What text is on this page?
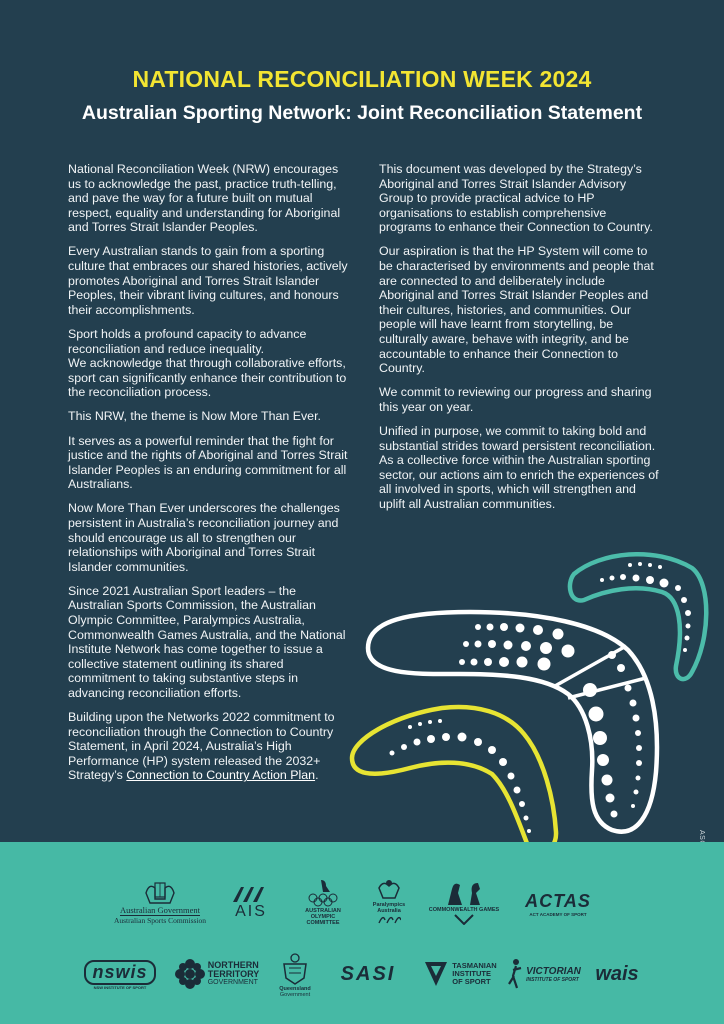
NATIONAL RECONCILIATION WEEK 2024
Australian Sporting Network: Joint Reconciliation Statement

National Reconciliation Week (NRW) encourages us to acknowledge the past, practice truth-telling, and pave the way for a future built on mutual respect, equality and understanding for Aboriginal and Torres Strait Islander Peoples.

Every Australian stands to gain from a sporting culture that embraces our shared histories, actively promotes Aboriginal and Torres Strait Islander Peoples, their vibrant living cultures, and honours their accomplishments.

Sport holds a profound capacity to advance reconciliation and reduce inequality.
We acknowledge that through collaborative efforts, sport can significantly enhance their contribution to the reconciliation process.

This NRW, the theme is Now More Than Ever.

It serves as a powerful reminder that the fight for justice and the rights of Aboriginal and Torres Strait Islander Peoples is an enduring commitment for all Australians.

Now More Than Ever underscores the challenges persistent in Australia’s reconciliation journey and should encourage us all to strengthen our relationships with Aboriginal and Torres Strait Islander communities.

Since 2021 Australian Sport leaders – the Australian Sports Commission, the Australian Olympic Committee, Paralympics Australia, Commonwealth Games Australia, and the National Institute Network has come together to issue a collective statement outlining its shared commitment to taking substantive steps in advancing reconciliation efforts.

Building upon the Networks 2022 commitment to reconciliation through the Connection to Country Statement, in April 2024, Australia’s High Performance (HP) system released the 2032+ Strategy’s Connection to Country Action Plan.

This document was developed by the Strategy’s Aboriginal and Torres Strait Islander Advisory Group to provide practical advice to HP organisations to establish comprehensive programs to enhance their Connection to Country.

Our aspiration is that the HP System will come to be characterised by environments and people that are connected to and deliberately include Aboriginal and Torres Strait Islander Peoples and their cultures, histories, and communities. Our people will have learnt from storytelling, be culturally aware, behave with integrity, and be accountable to enhance their Connection to Country.

We commit to reviewing our progress and sharing this year on year.

Unified in purpose, we commit to taking bold and substantial strides toward persistent reconciliation. As a collective force within the Australian sporting sector, our actions aim to enrich the experiences of all involved in sports, which will strengthen and uplift all Australian communities.

Australian Government
Australian Sports Commission AIS	AUSTRALIAN OLYMPIC COMMITTEE
Paralympics Australia	COMMONWEALTH GAMES ACTAS
ACT ACADEMY OF SPORT
nswis
NSW INSTITUTE OF SPORT
NORTHERN
TERRITORY
GOVERNMENT
Queensland
Government
SASI	TASMANIAN
INSTITUTE
OF SPORT
VICTORIAN
INSTITUTE OF SPORT wais
